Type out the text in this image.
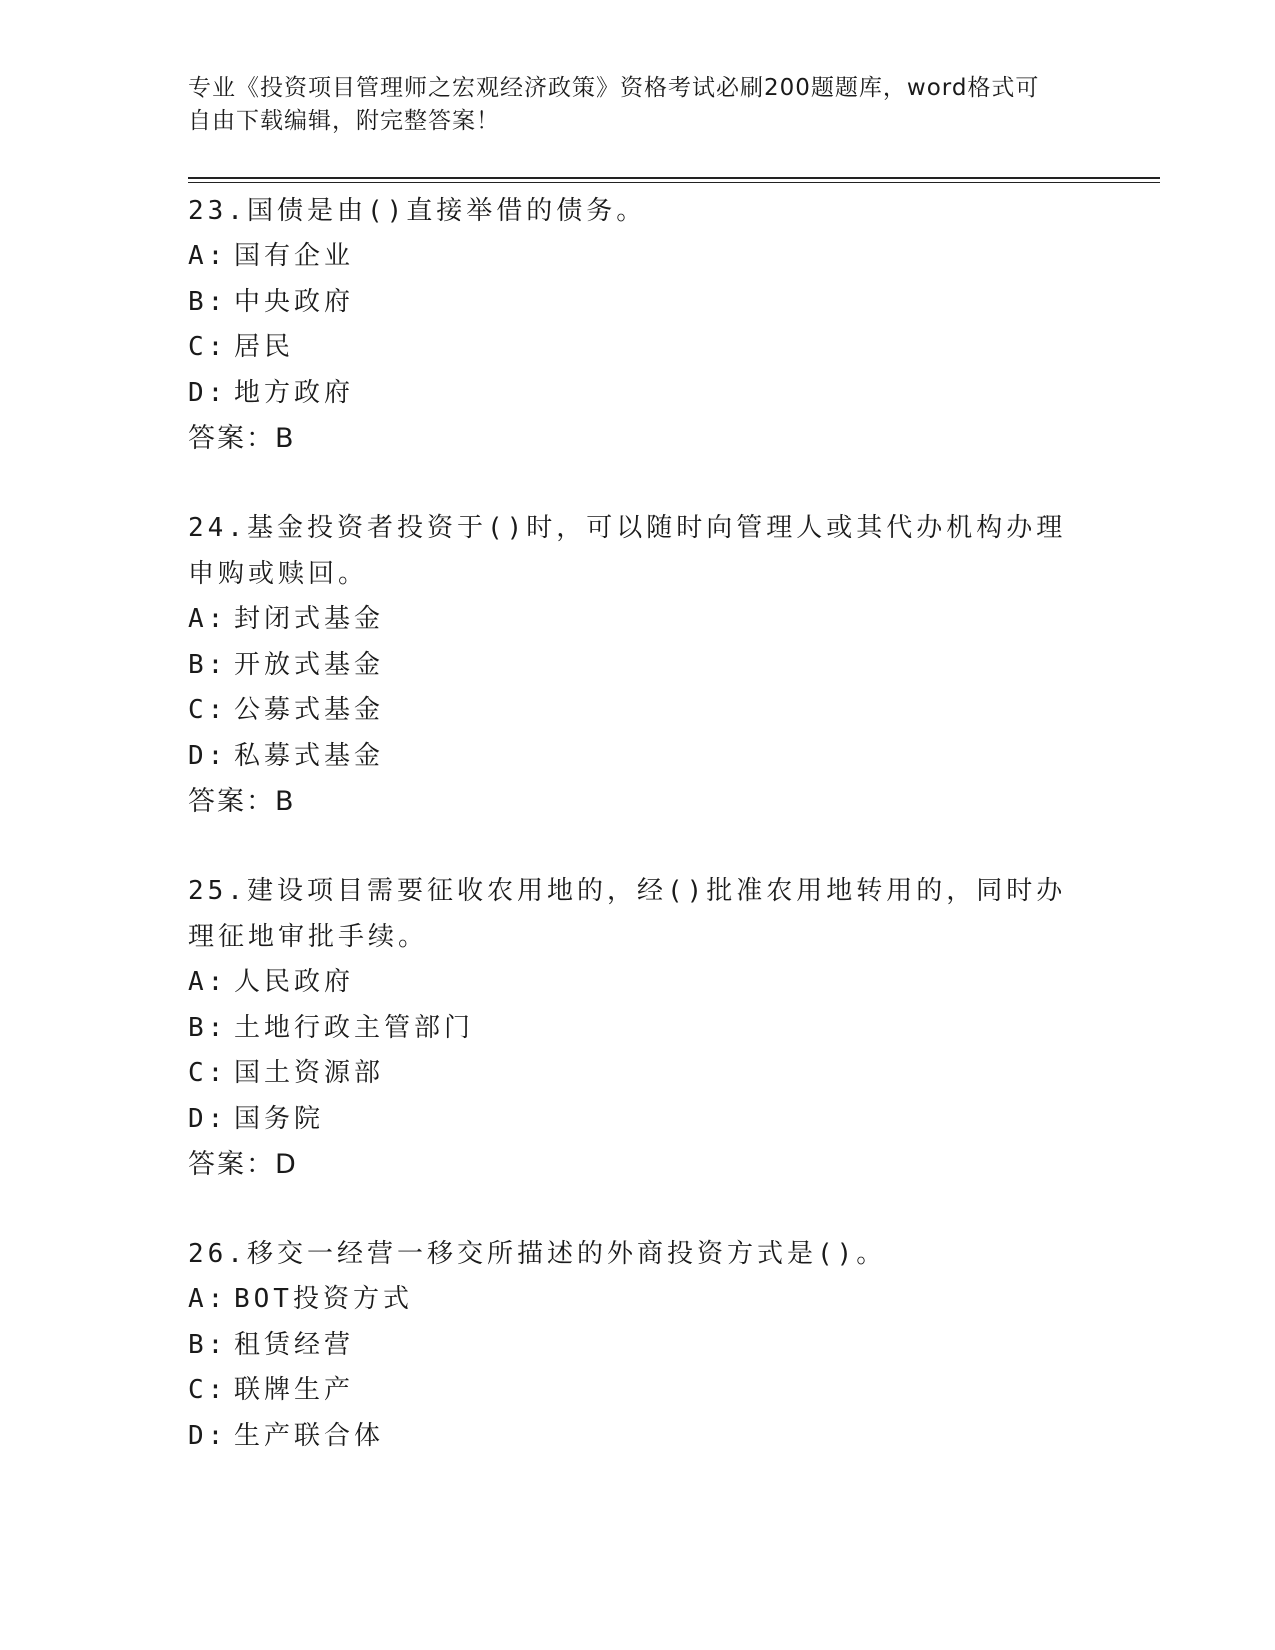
专业《投资项目管理师之宏观经济政策》资格考试必刷200题题库，word格式可
自由下载编辑，附完整答案！

23.国债是由()直接举借的债务。

A: 国有企业

B: 中央政府

C: 居民

D: 地方政府

答案：B

24.基金投资者投资于()时，可以随时向管理人或其代办机构办理申购或赎回。

A: 封闭式基金

B: 开放式基金

C: 公募式基金

D: 私募式基金

答案：B

25.建设项目需要征收农用地的，经()批准农用地转用的，同时办理征地审批手续。

A: 人民政府

B: 土地行政主管部门

C: 国土资源部

D: 国务院

答案：D

26.移交一经营一移交所描述的外商投资方式是()。

A: BOT投资方式

B: 租赁经营

C: 联牌生产

D: 生产联合体
